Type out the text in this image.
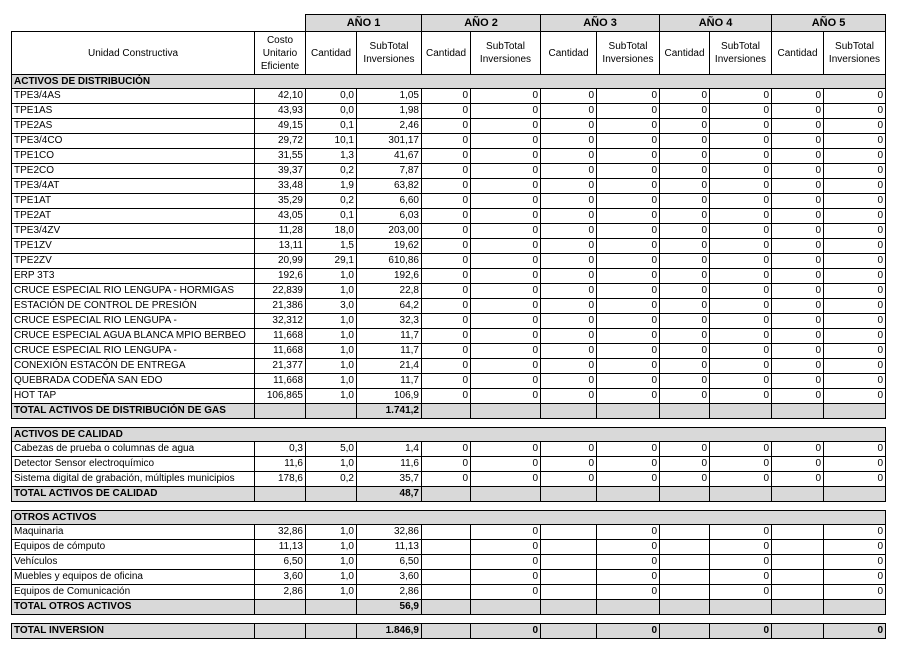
		AÑO 1		AÑO 2		AÑO 3		AÑO 4		AÑO 5	
Unidad Constructiva	Costo Unitario Eficiente	Cantidad	SubTotal Inversiones	Cantidad	SubTotal Inversiones	Cantidad	SubTotal Inversiones	Cantidad	SubTotal Inversiones	Cantidad	SubTotal Inversiones
ACTIVOS DE DISTRIBUCIÓN											
TPE3/4AS	42,10	0,0	1,05	0	0	0	0	0	0	0	0
TPE1AS	43,93	0,0	1,98	0	0	0	0	0	0	0	0
TPE2AS	49,15	0,1	2,46	0	0	0	0	0	0	0	0
TPE3/4CO	29,72	10,1	301,17	0	0	0	0	0	0	0	0
TPE1CO	31,55	1,3	41,67	0	0	0	0	0	0	0	0
TPE2CO	39,37	0,2	7,87	0	0	0	0	0	0	0	0
TPE3/4AT	33,48	1,9	63,82	0	0	0	0	0	0	0	0
TPE1AT	35,29	0,2	6,60	0	0	0	0	0	0	0	0
TPE2AT	43,05	0,1	6,03	0	0	0	0	0	0	0	0
TPE3/4ZV	11,28	18,0	203,00	0	0	0	0	0	0	0	0
TPE1ZV	13,11	1,5	19,62	0	0	0	0	0	0	0	0
TPE2ZV	20,99	29,1	610,86	0	0	0	0	0	0	0	0
ERP 3T3	192,6	1,0	192,6	0	0	0	0	0	0	0	0
CRUCE ESPECIAL RIO LENGUPA - HORMIGAS	22,839	1,0	22,8	0	0	0	0	0	0	0	0
ESTACIÓN DE CONTROL DE PRESIÓN	21,386	3,0	64,2	0	0	0	0	0	0	0	0
CRUCE ESPECIAL RIO LENGUPA -	32,312	1,0	32,3	0	0	0	0	0	0	0	0
CRUCE ESPECIAL AGUA BLANCA MPIO BERBEO	11,668	1,0	11,7	0	0	0	0	0	0	0	0
CRUCE ESPECIAL RIO LENGUPA -	11,668	1,0	11,7	0	0	0	0	0	0	0	0
CONEXIÓN ESTACÓN DE ENTREGA	21,377	1,0	21,4	0	0	0	0	0	0	0	0
QUEBRADA CODEÑA SAN EDO	11,668	1,0	11,7	0	0	0	0	0	0	0	0
HOT TAP	106,865	1,0	106,9	0	0	0	0	0	0	0	0
TOTAL ACTIVOS DE DISTRIBUCIÓN DE GAS			1.741,2								

ACTIVOS DE CALIDAD											
Cabezas de prueba o columnas de agua	0,3	5,0	1,4	0	0	0	0	0	0	0	0
Detector Sensor electroquímico	11,6	1,0	11,6	0	0	0	0	0	0	0	0
Sistema digital de grabación, múltiples municipios	178,6	0,2	35,7	0	0	0	0	0	0	0	0
TOTAL ACTIVOS DE CALIDAD			48,7								

OTROS ACTIVOS											
Maquinaria	32,86	1,0	32,86		0		0		0		0
Equipos de cómputo	11,13	1,0	11,13		0		0		0		0
Vehículos	6,50	1,0	6,50		0		0		0		0
Muebles y equipos de oficina	3,60	1,0	3,60		0		0		0		0
Equipos de Comunicación	2,86	1,0	2,86		0		0		0		0
TOTAL OTROS ACTIVOS			56,9								

TOTAL INVERSION			1.846,9		0		0		0		0
